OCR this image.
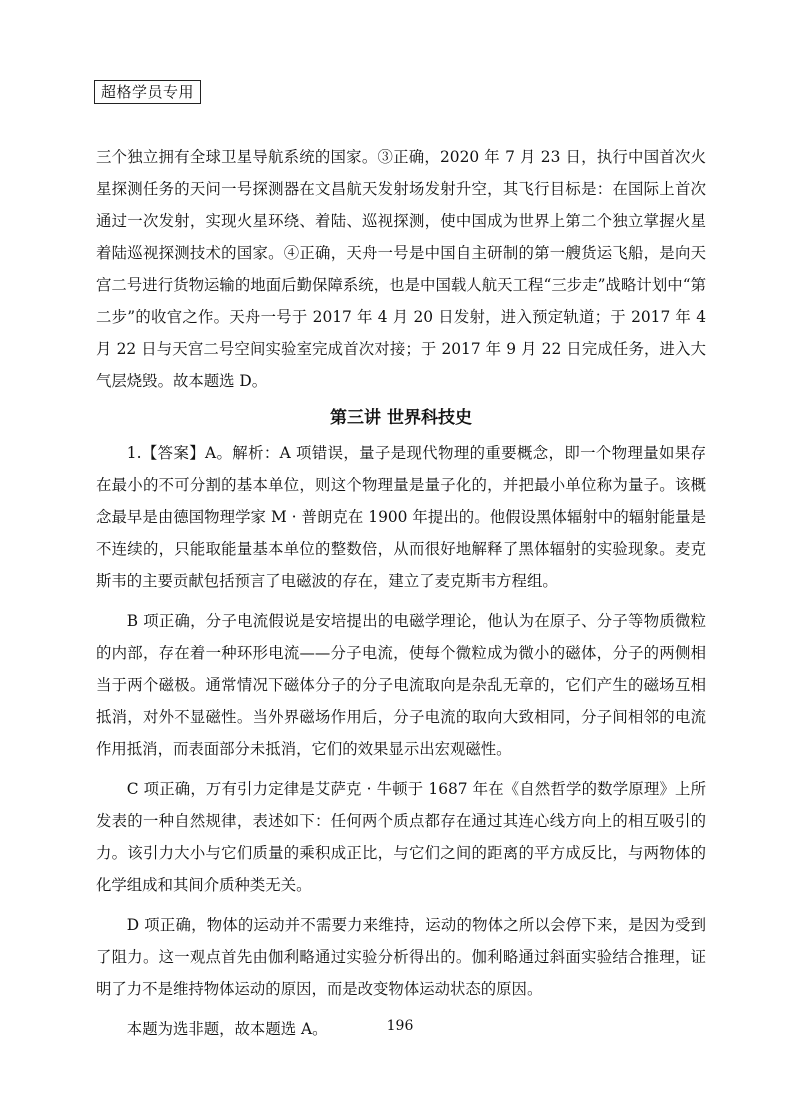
超格学员专用

三个独立拥有全球卫星导航系统的国家。③正确，2020 年 7 月 23 日，执行中国首次火星探测任务的天问一号探测器在文昌航天发射场发射升空，其飞行目标是：在国际上首次通过一次发射，实现火星环绕、着陆、巡视探测，使中国成为世界上第二个独立掌握火星着陆巡视探测技术的国家。④正确，天舟一号是中国自主研制的第一艘货运飞船，是向天宫二号进行货物运输的地面后勤保障系统，也是中国载人航天工程“三步走”战略计划中“第二步”的收官之作。天舟一号于 2017 年 4 月 20 日发射，进入预定轨道；于 2017 年 4 月 22 日与天宫二号空间实验室完成首次对接；于 2017 年 9 月 22 日完成任务，进入大气层烧毁。故本题选 D。

第三讲 世界科技史

1.【答案】A。解析：A 项错误，量子是现代物理的重要概念，即一个物理量如果存在最小的不可分割的基本单位，则这个物理量是量子化的，并把最小单位称为量子。该概念最早是由德国物理学家 M · 普朗克在 1900 年提出的。他假设黑体辐射中的辐射能量是不连续的，只能取能量基本单位的整数倍，从而很好地解释了黑体辐射的实验现象。麦克斯韦的主要贡献包括预言了电磁波的存在，建立了麦克斯韦方程组。

B 项正确，分子电流假说是安培提出的电磁学理论，他认为在原子、分子等物质微粒的内部，存在着一种环形电流——分子电流，使每个微粒成为微小的磁体，分子的两侧相当于两个磁极。通常情况下磁体分子的分子电流取向是杂乱无章的，它们产生的磁场互相抵消，对外不显磁性。当外界磁场作用后，分子电流的取向大致相同，分子间相邻的电流作用抵消，而表面部分未抵消，它们的效果显示出宏观磁性。

C 项正确，万有引力定律是艾萨克 · 牛顿于 1687 年在《自然哲学的数学原理》上所发表的一种自然规律，表述如下：任何两个质点都存在通过其连心线方向上的相互吸引的力。该引力大小与它们质量的乘积成正比，与它们之间的距离的平方成反比，与两物体的化学组成和其间介质种类无关。

D 项正确，物体的运动并不需要力来维持，运动的物体之所以会停下来，是因为受到了阻力。这一观点首先由伽利略通过实验分析得出的。伽利略通过斜面实验结合推理，证明了力不是维持物体运动的原因，而是改变物体运动状态的原因。

本题为选非题，故本题选 A。	196
